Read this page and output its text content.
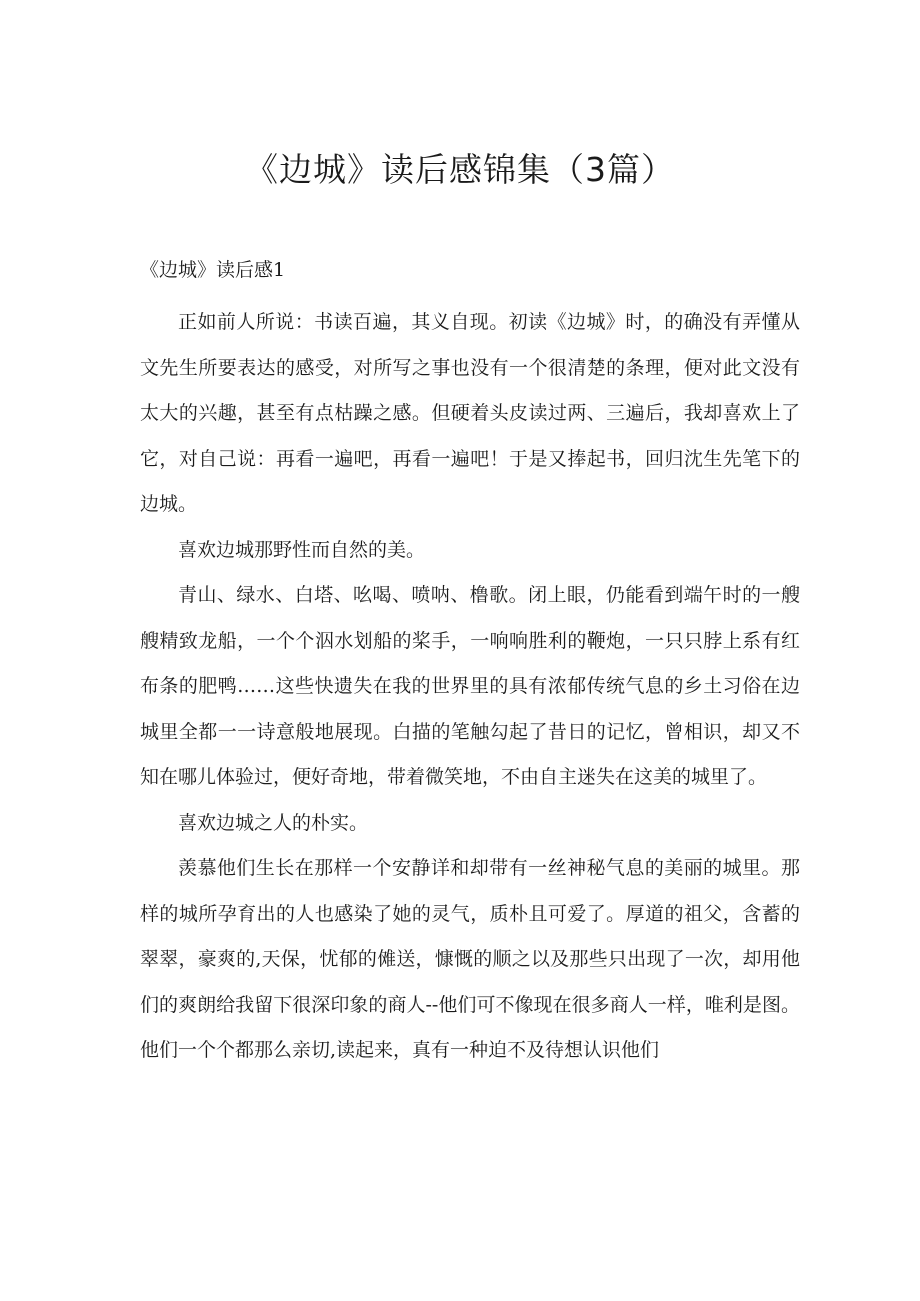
《边城》读后感锦集（3篇）
《边城》读后感1

正如前人所说：书读百遍，其义自现。初读《边城》时，的确没有弄懂从文先生所要表达的感受，对所写之事也没有一个很清楚的条理，便对此文没有太大的兴趣，甚至有点枯躁之感。但硬着头皮读过两、三遍后，我却喜欢上了它，对自己说：再看一遍吧，再看一遍吧！于是又捧起书，回归沈生先笔下的边城。

喜欢边城那野性而自然的美。

青山、绿水、白塔、吆喝、喷呐、橹歌。闭上眼，仍能看到端午时的一艘艘精致龙船，一个个泅水划船的桨手，一响响胜利的鞭炮，一只只脖上系有红布条的肥鸭……这些快遗失在我的世界里的具有浓郁传统气息的乡土习俗在边城里全都一一诗意般地展现。白描的笔触勾起了昔日的记忆，曾相识，却又不知在哪儿体验过，便好奇地，带着微笑地，不由自主迷失在这美的城里了。

喜欢边城之人的朴实。

羡慕他们生长在那样一个安静详和却带有一丝神秘气息的美丽的城里。那样的城所孕育出的人也感染了她的灵气，质朴且可爱了。厚道的祖父，含蓄的翠翠，豪爽的,天保，忧郁的傩送，慷慨的顺之以及那些只出现了一次，却用他们的爽朗给我留下很深印象的商人--他们可不像现在很多商人一样，唯利是图。他们一个个都那么亲切,读起来，真有一种迫不及待想认识他们
